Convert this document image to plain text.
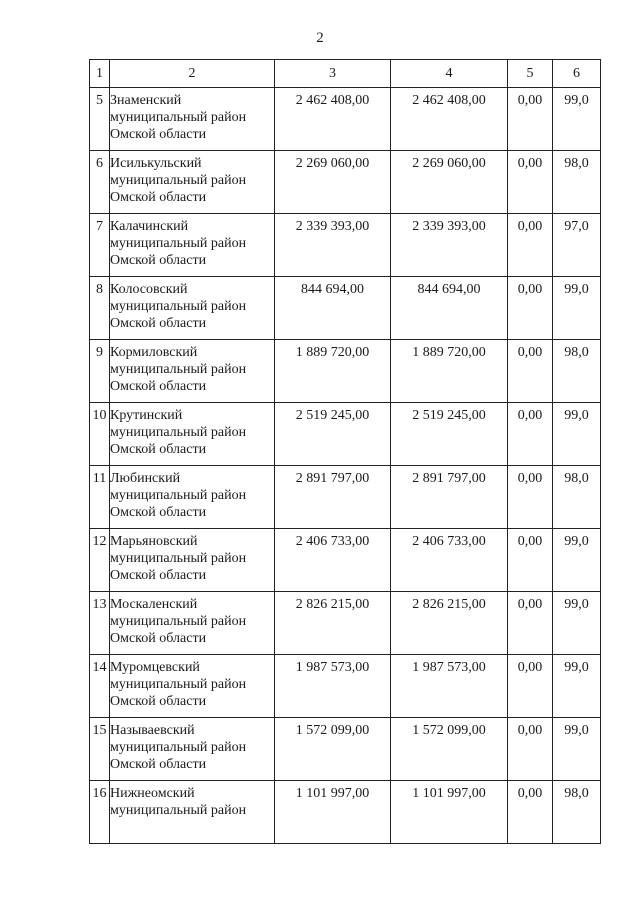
2
1	2	3	4	5	6
5	Знаменский
муниципальный район
Омской области	2 462 408,00	2 462 408,00	0,00	99,0
6	Исилькульский
муниципальный район
Омской области	2 269 060,00	2 269 060,00	0,00	98,0
7	Калачинский
муниципальный район
Омской области	2 339 393,00	2 339 393,00	0,00	97,0
8	Колосовский
муниципальный район
Омской области	844 694,00	844 694,00	0,00	99,0
9	Кормиловский
муниципальный район
Омской области	1 889 720,00	1 889 720,00	0,00	98,0
10	Крутинский
муниципальный район
Омской области	2 519 245,00	2 519 245,00	0,00	99,0
11	Любинский
муниципальный район
Омской области	2 891 797,00	2 891 797,00	0,00	98,0
12	Марьяновский
муниципальный район
Омской области	2 406 733,00	2 406 733,00	0,00	99,0
13	Москаленский
муниципальный район
Омской области	2 826 215,00	2 826 215,00	0,00	99,0
14	Муромцевский
муниципальный район
Омской области	1 987 573,00	1 987 573,00	0,00	99,0
15	Называевский
муниципальный район
Омской области	1 572 099,00	1 572 099,00	0,00	99,0
16	Нижнеомский
муниципальный район	1 101 997,00	1 101 997,00	0,00	98,0
